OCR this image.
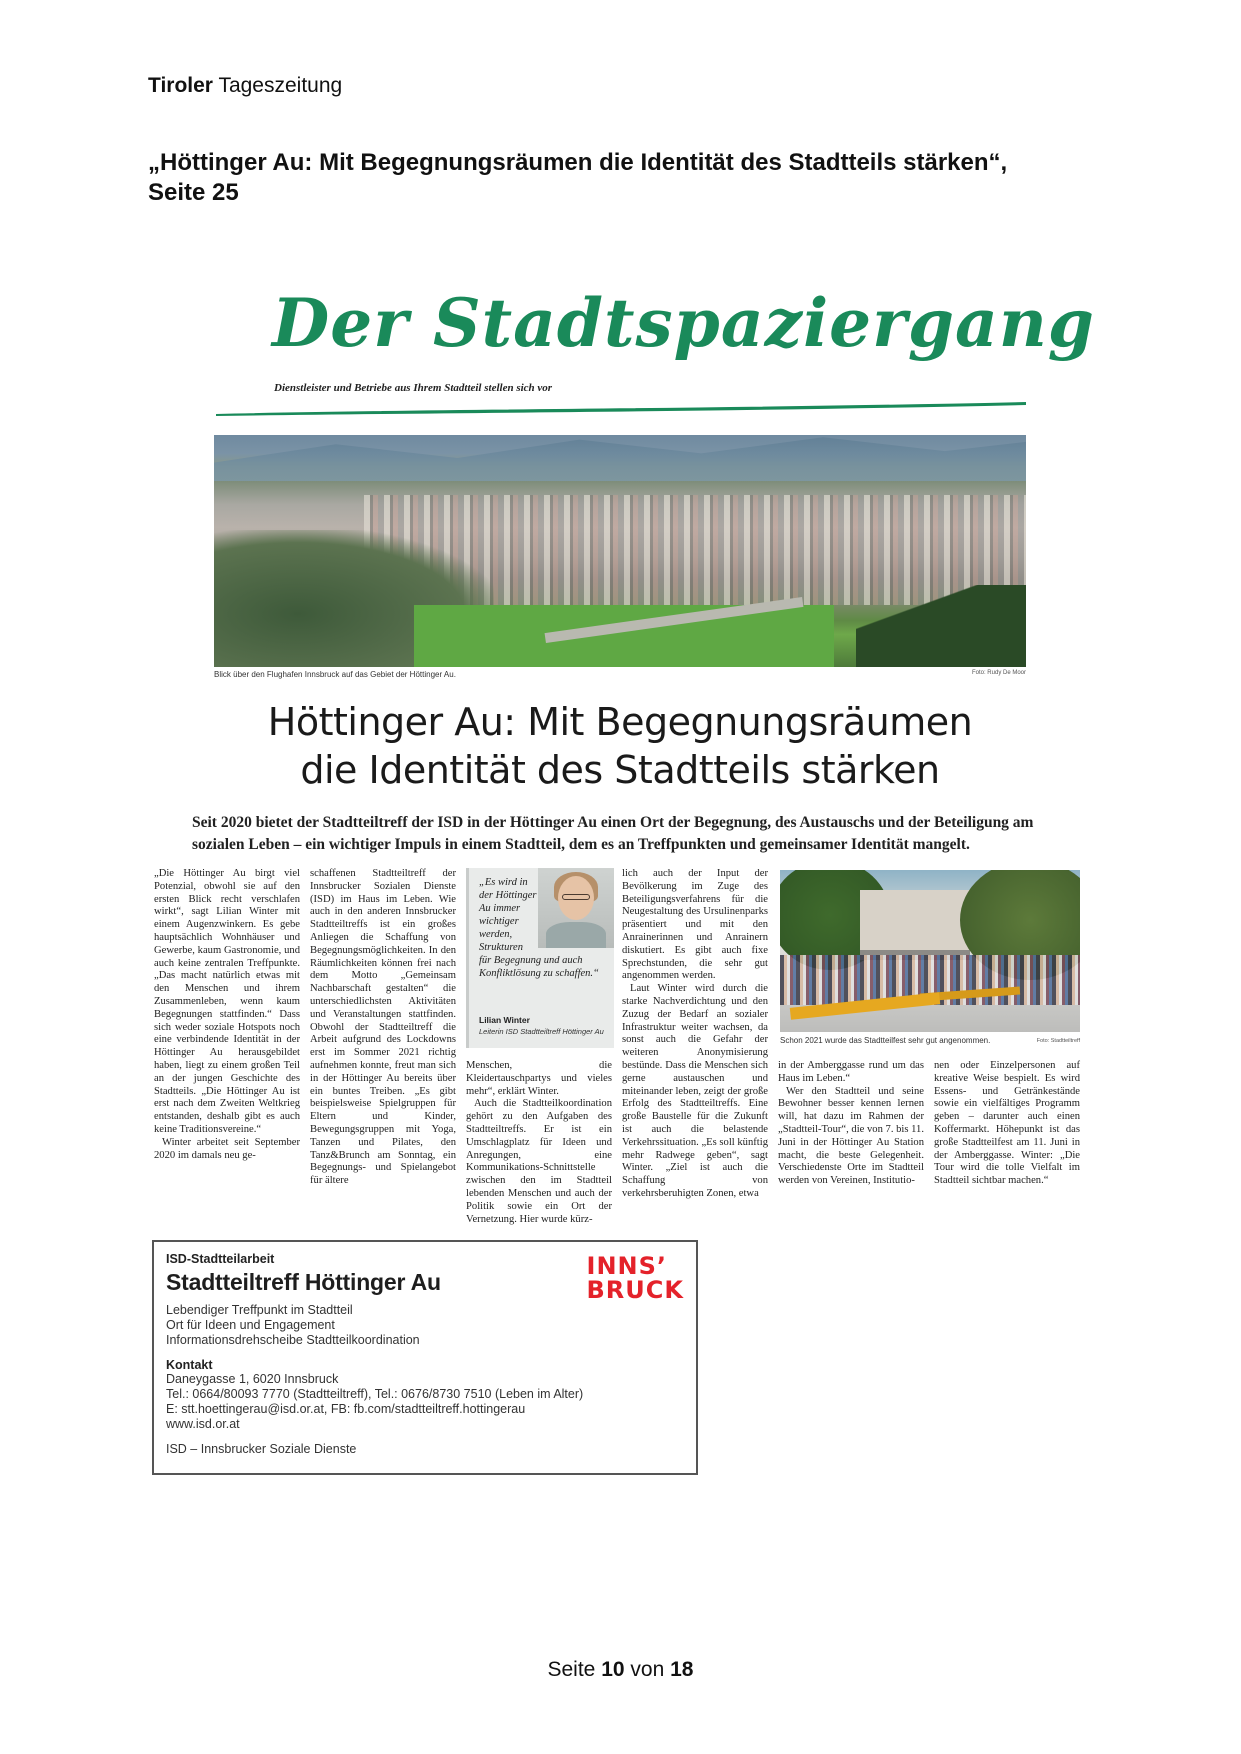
Tiroler Tageszeitung
„Höttinger Au: Mit Begegnungsräumen die Identität des Stadtteils stärken“, Seite 25
Der Stadtspaziergang
Dienstleister und Betriebe aus Ihrem Stadtteil stellen sich vor
Blick über den Flughafen Innsbruck auf das Gebiet der Höttinger Au.	Foto: Rudy De Moor
Höttinger Au: Mit Begegnungsräumen
die Identität des Stadtteils stärken
Seit 2020 bietet der Stadtteiltreff der ISD in der Höttinger Au einen Ort der Begegnung, des Austauschs und der Beteiligung am sozialen Leben – ein wichtiger Impuls in einem Stadtteil, dem es an Treffpunkten und gemeinsamer Identität mangelt.

„Die Höttinger Au birgt viel Potenzial, obwohl sie auf den ersten Blick recht verschlafen wirkt“, sagt Lilian Winter mit einem Augenzwinkern. Es gebe hauptsächlich Wohnhäuser und Gewerbe, kaum Gastronomie, und auch keine zentralen Treffpunkte. „Das macht natürlich etwas mit den Menschen und ihrem Zusammenleben, wenn kaum Begegnungen stattfinden.“ Dass sich weder soziale Hotspots noch eine verbindende Identität in der Höttinger Au herausgebildet haben, liegt zu einem großen Teil an der jungen Geschichte des Stadtteils. „Die Höttinger Au ist erst nach dem Zweiten Weltkrieg entstanden, deshalb gibt es auch keine Traditionsvereine.“

Winter arbeitet seit September 2020 im damals neu ge-

schaffenen Stadtteiltreff der Innsbrucker Sozialen Dienste (ISD) im Haus im Leben. Wie auch in den anderen Innsbrucker Stadtteiltreffs ist ein großes Anliegen die Schaffung von Begegnungsmöglichkeiten. In den Räumlichkeiten können frei nach dem Motto „Gemeinsam Nachbarschaft gestalten“ die unterschiedlichsten Aktivitäten und Veranstaltungen stattfinden. Obwohl der Stadtteiltreff die Arbeit aufgrund des Lockdowns erst im Sommer 2021 richtig aufnehmen konnte, freut man sich in der Höttinger Au bereits über ein buntes Treiben. „Es gibt beispielsweise Spielgruppen für Eltern und Kinder, Bewegungsgruppen mit Yoga, Tanzen und Pilates, den Tanz&Brunch am Sonntag, ein Begegnungs- und Spielangebot für ältere

„Es wird in
der Höttinger
Au immer
wichtiger
werden,
Strukturen
für Begegnung und auch
Konfliktlösung zu schaffen.“
Lilian Winter
Leiterin ISD Stadtteiltreff Höttinger Au

Menschen, die Kleidertauschpartys und vieles mehr“, erklärt Winter.

Auch die Stadtteilkoordination gehört zu den Aufgaben des Stadtteiltreffs. Er ist ein Umschlagplatz für Ideen und Anregungen, eine Kommunikations-Schnittstelle zwischen den im Stadtteil lebenden Menschen und auch der Politik sowie ein Ort der Vernetzung. Hier wurde kürz-

lich auch der Input der Bevölkerung im Zuge des Beteiligungsverfahrens für die Neugestaltung des Ursulinenparks präsentiert und mit den Anrainerinnen und Anrainern diskutiert. Es gibt auch fixe Sprechstunden, die sehr gut angenommen werden.

Laut Winter wird durch die starke Nachverdichtung und den Zuzug der Bedarf an sozialer Infrastruktur weiter wachsen, da sonst auch die Gefahr der weiteren Anonymisierung bestünde. Dass die Menschen sich gerne austauschen und miteinander leben, zeigt der große Erfolg des Stadtteiltreffs. Eine große Baustelle für die Zukunft ist auch die belastende Verkehrssituation. „Es soll künftig mehr Radwege geben“, sagt Winter. „Ziel ist auch die Schaffung von verkehrsberuhigten Zonen, etwa

Schon 2021 wurde das Stadtteilfest sehr gut angenommen.	Foto: Stadtteiltreff

in der Amberggasse rund um das Haus im Leben.“

Wer den Stadtteil und seine Bewohner besser kennen lernen will, hat dazu im Rahmen der „Stadtteil-Tour“, die von 7. bis 11. Juni in der Höttinger Au Station macht, die beste Gelegenheit. Verschiedenste Orte im Stadtteil werden von Vereinen, Institutio-

nen oder Einzelpersonen auf kreative Weise bespielt. Es wird Essens- und Getränkestände sowie ein vielfältiges Programm geben – darunter auch einen Koffermarkt. Höhepunkt ist das große Stadtteilfest am 11. Juni in der Amberggasse. Winter: „Die Tour wird die tolle Vielfalt im Stadtteil sichtbar machen.“

ISD-Stadtteilarbeit
Stadtteiltreff Höttinger Au
Lebendiger Treffpunkt im Stadtteil
Ort für Ideen und Engagement
Informationsdrehscheibe Stadtteilkoordination
Kontakt
Daneygasse 1, 6020 Innsbruck
Tel.: 0664/80093 7770 (Stadtteiltreff), Tel.: 0676/8730 7510 (Leben im Alter)
E: stt.hoettingerau@isd.or.at, FB: fb.com/stadtteiltreff.hottingerau
www.isd.or.at
ISD – Innsbrucker Soziale Dienste
INNS’
BRUCK
Seite 10 von 18
